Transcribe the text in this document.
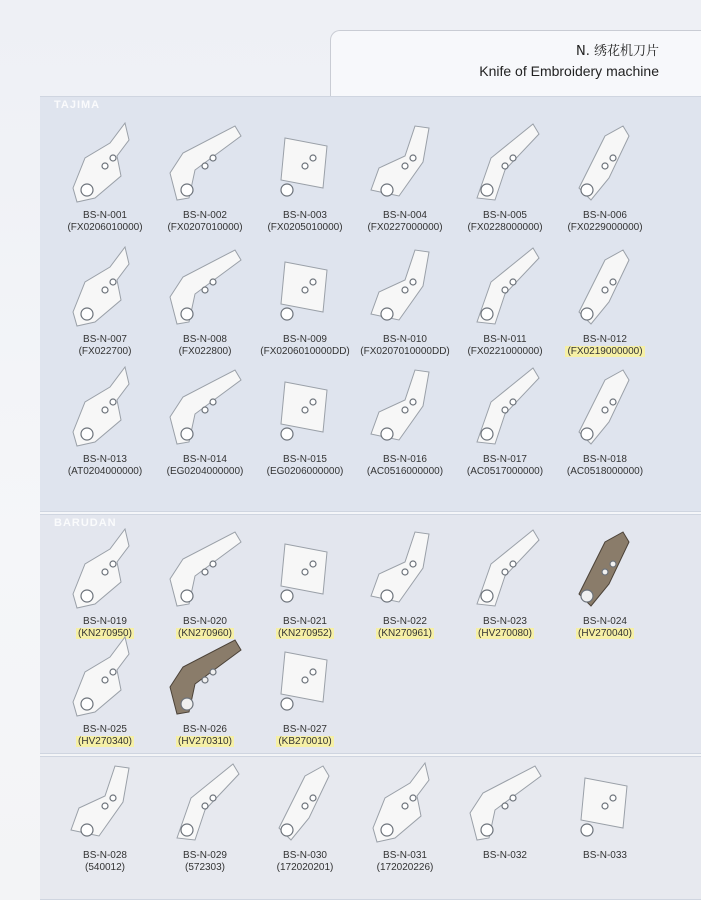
N. 绣花机刀片
Knife of Embroidery machine
TAJIMA
BARUDAN
BS-N-001
(FX0206010000)
BS-N-002
(FX0207010000)
BS-N-003
(FX0205010000)
BS-N-004
(FX0227000000)
BS-N-005
(FX0228000000)
BS-N-006
(FX0229000000)
BS-N-007
(FX022700)
BS-N-008
(FX022800)
BS-N-009
(FX0206010000DD)
BS-N-010
(FX0207010000DD)
BS-N-011
(FX0221000000)
BS-N-012
(FX0219000000)
BS-N-013
(AT0204000000)
BS-N-014
(EG0204000000)
BS-N-015
(EG0206000000)
BS-N-016
(AC0516000000)
BS-N-017
(AC0517000000)
BS-N-018
(AC0518000000)
BS-N-019
(KN270950)
BS-N-020
(KN270960)
BS-N-021
(KN270952)
BS-N-022
(KN270961)
BS-N-023
(HV270080)
BS-N-024
(HV270040)
BS-N-025
(HV270340)
BS-N-026
(HV270310)
BS-N-027
(KB270010)
BS-N-028
(540012)
BS-N-029
(572303)
BS-N-030
(172020201)
BS-N-031
(172020226)
BS-N-032	BS-N-033
